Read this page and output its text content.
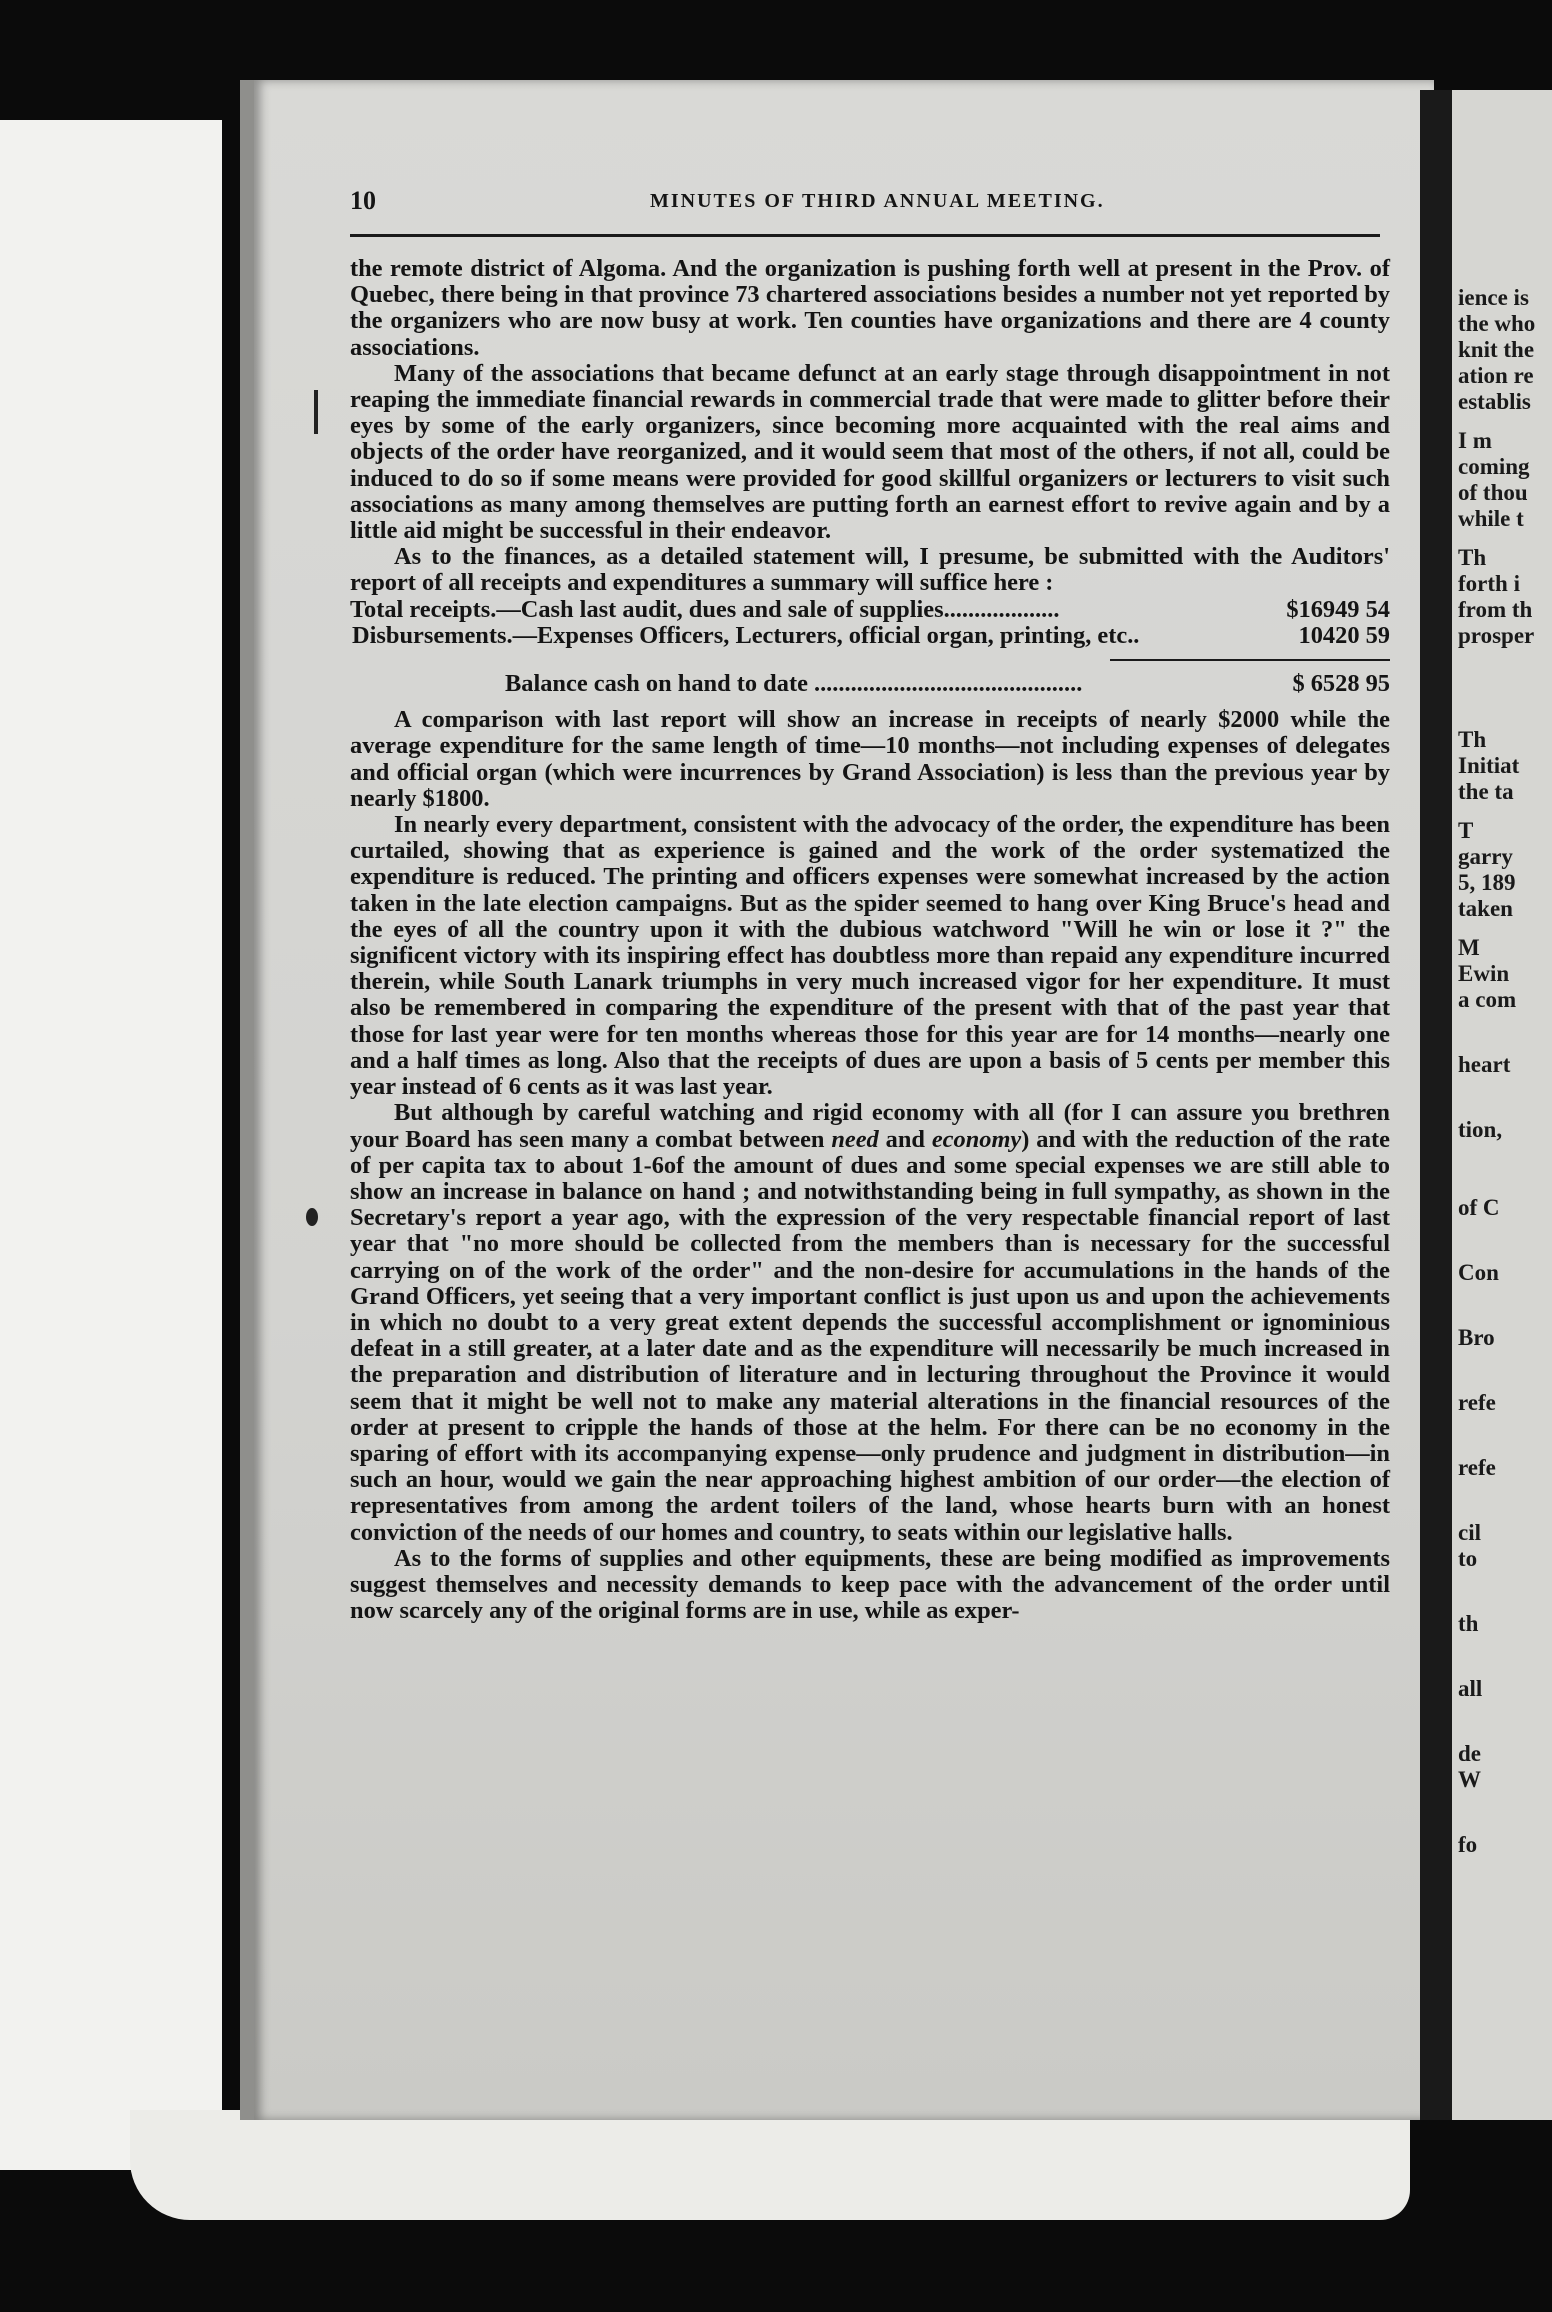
ience is
the who
knit the
ation re
establis
I m
coming
of thou
while t
Th
forth i
from th
prosper
Th
Initiat
the ta
T
garry
5, 189
taken
M
Ewin
a com
heart
tion,
of C
Con
Bro
refe
refe
cil
to
th
all
de
W
fo
10	MINUTES OF THIRD ANNUAL MEETING.

the remote district of Algoma. And the organization is pushing forth well at present in the Prov. of Quebec, there being in that province 73 chartered associations besides a number not yet reported by the organizers who are now busy at work. Ten counties have organizations and there are 4 county associations.

Many of the associations that became defunct at an early stage through disappointment in not reaping the immediate financial rewards in commercial trade that were made to glitter before their eyes by some of the early organizers, since becoming more acquainted with the real aims and objects of the order have reorganized, and it would seem that most of the others, if not all, could be induced to do so if some means were provided for good skillful organizers or lecturers to visit such associations as many among themselves are putting forth an earnest effort to revive again and by a little aid might be successful in their endeavor.

As to the finances, as a detailed statement will, I presume, be submitted with the Auditors' report of all receipts and expenditures a summary will suffice here :

Total receipts.—Cash last audit, dues and sale of supplies...................	$16949 54
Disbursements.—Expenses Officers, Lecturers, official organ, printing, etc..	10420 59
Balance cash on hand to date ............................................	$ 6528 95

A comparison with last report will show an increase in receipts of nearly $2000 while the average expenditure for the same length of time—10 months—not including expenses of delegates and official organ (which were incurrences by Grand Association) is less than the previous year by nearly $1800.

In nearly every department, consistent with the advocacy of the order, the expenditure has been curtailed, showing that as experience is gained and the work of the order systematized the expenditure is reduced. The printing and officers expenses were somewhat increased by the action taken in the late election campaigns. But as the spider seemed to hang over King Bruce's head and the eyes of all the country upon it with the dubious watchword "Will he win or lose it ?" the significent victory with its inspiring effect has doubtless more than repaid any expenditure incurred therein, while South Lanark triumphs in very much increased vigor for her expenditure. It must also be remembered in comparing the expenditure of the present with that of the past year that those for last year were for ten months whereas those for this year are for 14 months—nearly one and a half times as long. Also that the receipts of dues are upon a basis of 5 cents per member this year instead of 6 cents as it was last year.

But although by careful watching and rigid economy with all (for I can assure you brethren your Board has seen many a combat between need and economy) and with the reduction of the rate of per capita tax to about 1-6of the amount of dues and some special expenses we are still able to show an increase in balance on hand ; and notwithstanding being in full sympathy, as shown in the Secretary's report a year ago, with the expression of the very respectable financial report of last year that "no more should be collected from the members than is necessary for the successful carrying on of the work of the order" and the non-desire for accumulations in the hands of the Grand Officers, yet seeing that a very important conflict is just upon us and upon the achievements in which no doubt to a very great extent depends the successful accomplishment or ignominious defeat in a still greater, at a later date and as the expenditure will necessarily be much increased in the preparation and distribution of literature and in lecturing throughout the Province it would seem that it might be well not to make any material alterations in the financial resources of the order at present to cripple the hands of those at the helm. For there can be no economy in the sparing of effort with its accompanying expense—only prudence and judgment in distribution—in such an hour, would we gain the near approaching highest ambition of our order—the election of representatives from among the ardent toilers of the land, whose hearts burn with an honest conviction of the needs of our homes and country, to seats within our legislative halls.

As to the forms of supplies and other equipments, these are being modified as improvements suggest themselves and necessity demands to keep pace with the advancement of the order until now scarcely any of the original forms are in use, while as exper-
